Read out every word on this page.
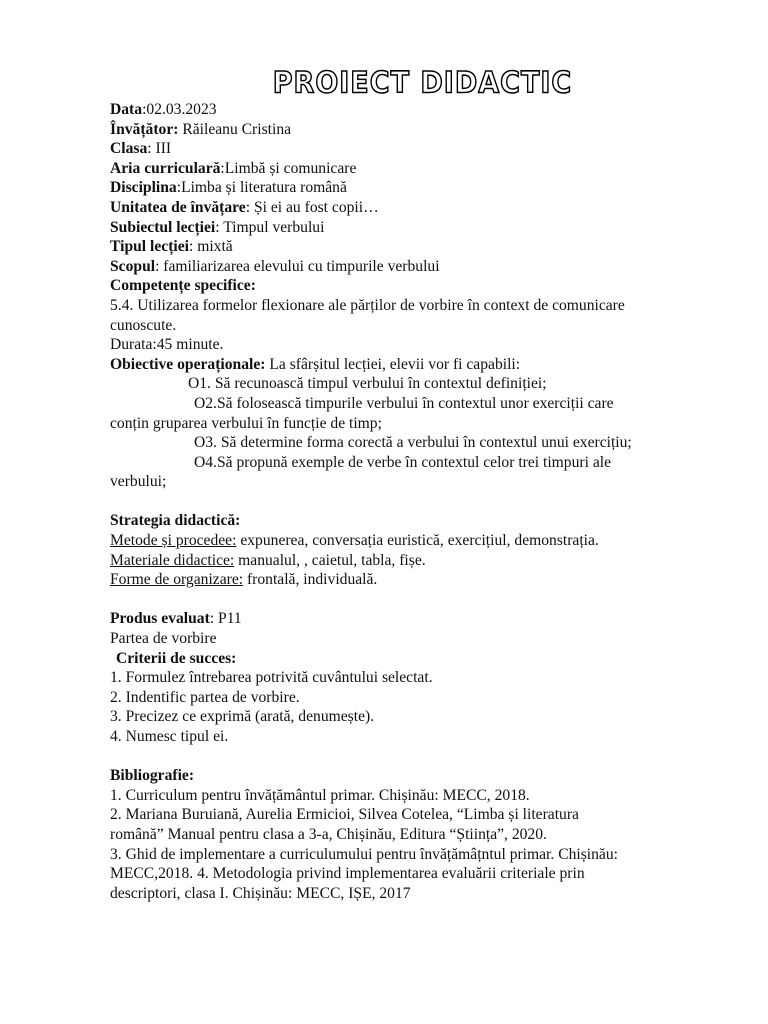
PROIECT DIDACTIC
Data:02.03.2023
Învățător: Răileanu Cristina
Clasa: III
Aria curriculară:Limbă și comunicare
Disciplina:Limba și literatura română
Unitatea de învățare: Și ei au fost copii…
Subiectul lecției: Timpul verbului
Tipul lecției: mixtă
Scopul: familiarizarea elevului cu timpurile verbului
Competențe specifice:
5.4. Utilizarea formelor flexionare ale părților de vorbire în context de comunicare
cunoscute.
Durata:45 minute.
Obiective operaționale: La sfârșitul lecției, elevii vor fi capabili:
O1. Să recunoască timpul verbului în contextul definiției;
O2.Să folosească timpurile verbului în contextul unor exerciții care
conțin gruparea verbului în funcție de timp;
O3. Să determine forma corectă a verbului în contextul unui exercițiu;
O4.Să propună exemple de verbe în contextul celor trei timpuri ale
verbului;
Strategia didactică:
Metode și procedee: expunerea, conversația euristică, exercițiul, demonstrația.
Materiale didactice: manualul, , caietul, tabla, fișe.
Forme de organizare: frontală, individuală.
Produs evaluat: P11
Partea de vorbire
Criterii de succes:
1. Formulez întrebarea potrivită cuvântului selectat.
2. Indentific partea de vorbire.
3. Precizez ce exprimă (arată, denumește).
4. Numesc tipul ei.
Bibliografie:
1. Curriculum pentru învățământul primar. Chișinău: MECC, 2018.
2. Mariana Buruiană, Aurelia Ermicioi, Silvea Cotelea, “Limba și literatura
română” Manual pentru clasa a 3-a, Chișinău, Editura “Știința”, 2020.
3. Ghid de implementare a curriculumului pentru învățămâțntul primar. Chișinău:
MECC,2018. 4. Metodologia privind implementarea evaluării criteriale prin
descriptori, clasa I. Chișinău: MECC, IȘE, 2017
